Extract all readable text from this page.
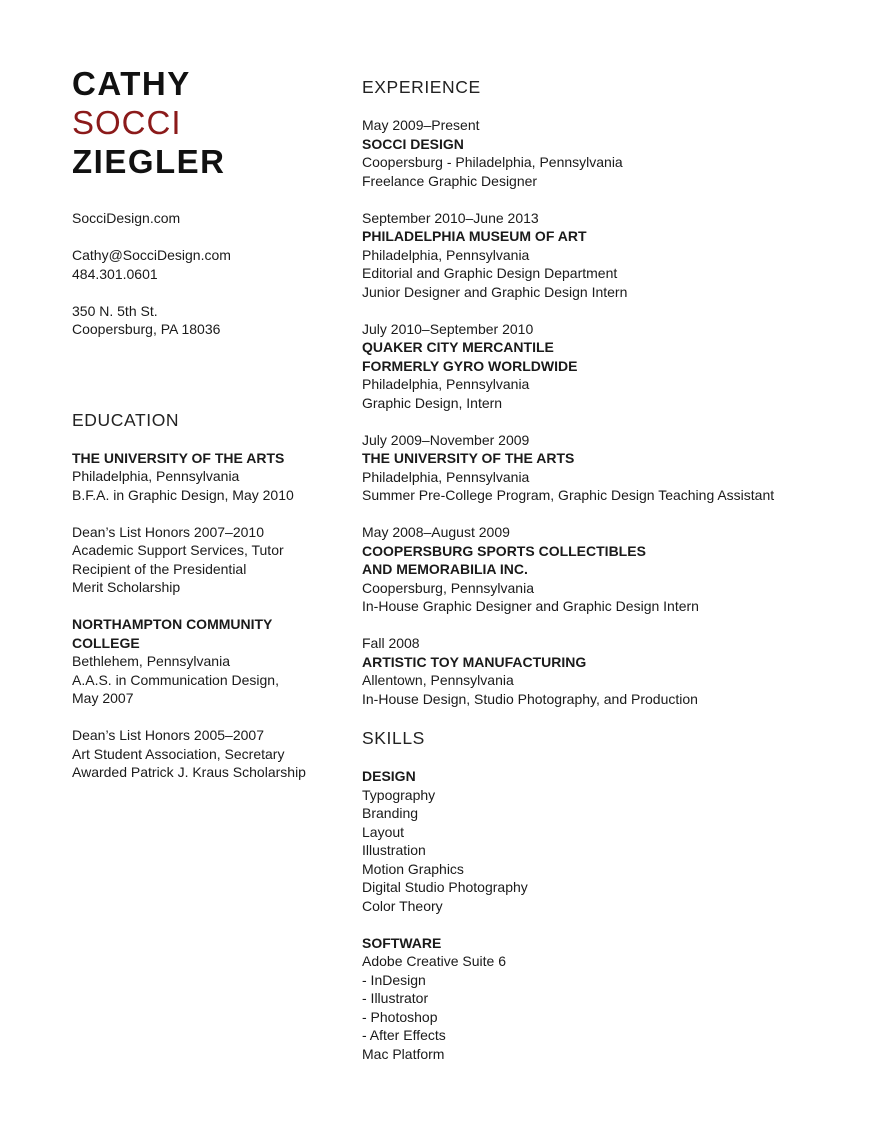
CATHY
SOCCI
ZIEGLER
SocciDesign.com
Cathy@SocciDesign.com
484.301.0601
350 N. 5th St.
Coopersburg, PA 18036
EDUCATION
THE UNIVERSITY OF THE ARTS
Philadelphia, Pennsylvania
B.F.A. in Graphic Design, May 2010
Dean’s List Honors 2007–2010
Academic Support Services, Tutor
Recipient of the Presidential
Merit Scholarship
NORTHAMPTON COMMUNITY
COLLEGE
Bethlehem, Pennsylvania
A.A.S. in Communication Design,
May 2007
Dean’s List Honors 2005–2007
Art Student Association, Secretary
Awarded Patrick J. Kraus Scholarship
EXPERIENCE
May 2009–Present
SOCCI DESIGN
Coopersburg - Philadelphia, Pennsylvania
Freelance Graphic Designer
September 2010–June 2013
PHILADELPHIA MUSEUM OF ART
Philadelphia, Pennsylvania
Editorial and Graphic Design Department
Junior Designer and Graphic Design Intern
July 2010–September 2010
QUAKER CITY MERCANTILE
FORMERLY GYRO WORLDWIDE
Philadelphia, Pennsylvania
Graphic Design, Intern
July 2009–November 2009
THE UNIVERSITY OF THE ARTS
Philadelphia, Pennsylvania
Summer Pre-College Program, Graphic Design Teaching Assistant
May 2008–August 2009
COOPERSBURG SPORTS COLLECTIBLES
AND MEMORABILIA INC.
Coopersburg, Pennsylvania
In-House Graphic Designer and Graphic Design Intern
Fall 2008
ARTISTIC TOY MANUFACTURING
Allentown, Pennsylvania
In-House Design, Studio Photography, and Production
SKILLS
DESIGN
Typography
Branding
Layout
Illustration
Motion Graphics
Digital Studio Photography
Color Theory
SOFTWARE
Adobe Creative Suite 6
- InDesign
- Illustrator
- Photoshop
- After Effects
Mac Platform
